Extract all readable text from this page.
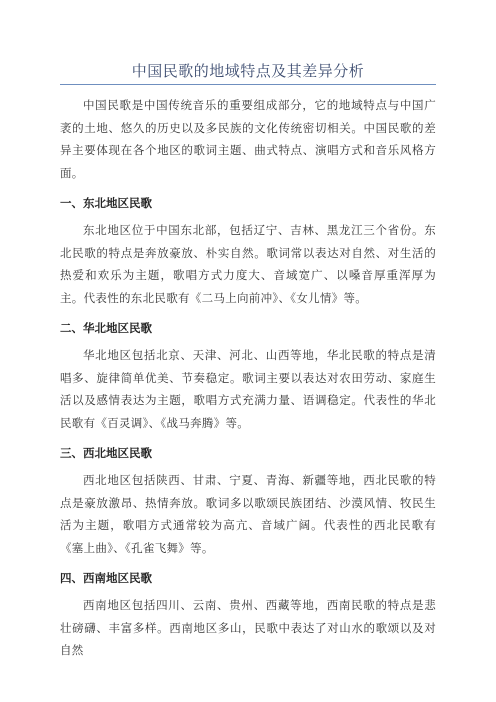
中国民歌的地域特点及其差异分析

中国民歌是中国传统音乐的重要组成部分，它的地域特点与中国广袤的土地、悠久的历史以及多民族的文化传统密切相关。中国民歌的差异主要体现在各个地区的歌词主题、曲式特点、演唱方式和音乐风格方面。

一、东北地区民歌

东北地区位于中国东北部，包括辽宁、吉林、黑龙江三个省份。东北民歌的特点是奔放豪放、朴实自然。歌词常以表达对自然、对生活的热爱和欢乐为主题，歌唱方式力度大、音域宽广、以嗓音厚重浑厚为主。代表性的东北民歌有《二马上向前冲》、《女儿情》等。

二、华北地区民歌

华北地区包括北京、天津、河北、山西等地，华北民歌的特点是清唱多、旋律简单优美、节奏稳定。歌词主要以表达对农田劳动、家庭生活以及感情表达为主题，歌唱方式充满力量、语调稳定。代表性的华北民歌有《百灵调》、《战马奔腾》等。

三、西北地区民歌

西北地区包括陕西、甘肃、宁夏、青海、新疆等地，西北民歌的特点是豪放激昂、热情奔放。歌词多以歌颂民族团结、沙漠风情、牧民生活为主题，歌唱方式通常较为高亢、音域广阔。代表性的西北民歌有《塞上曲》、《孔雀飞舞》等。

四、西南地区民歌

西南地区包括四川、云南、贵州、西藏等地，西南民歌的特点是悲壮磅礴、丰富多样。西南地区多山，民歌中表达了对山水的歌颂以及对自然
